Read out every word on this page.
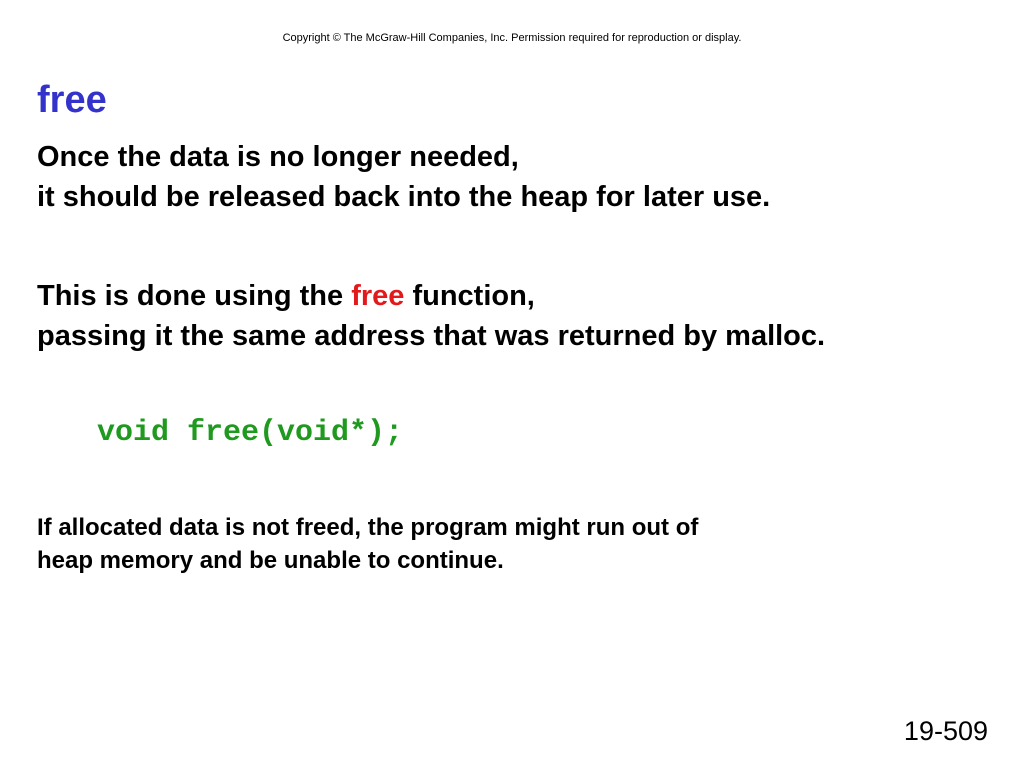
Copyright © The McGraw-Hill Companies, Inc. Permission required for reproduction or display.
free

Once the data is no longer needed,
it should be released back into the heap for later use.

This is done using the free function,
passing it the same address that was returned by malloc.

void free(void*);

If allocated data is not freed, the program might run out of
heap memory and be unable to continue.

19-509
